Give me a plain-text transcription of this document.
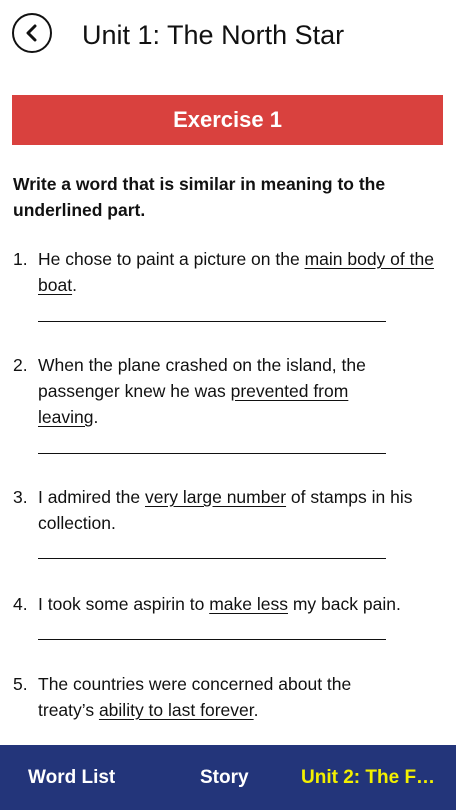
Unit 1: The North Star
Exercise 1
Write a word that is similar in meaning to the underlined part.
1. He chose to paint a picture on the main body of the boat.
2. When the plane crashed on the island, the passenger knew he was prevented from leaving.
3. I admired the very large number of stamps in his collection.
4. I took some aspirin to make less my back pain.
5. The countries were concerned about the treaty’s ability to last forever.
Word List	Story	Unit 2: The F…
